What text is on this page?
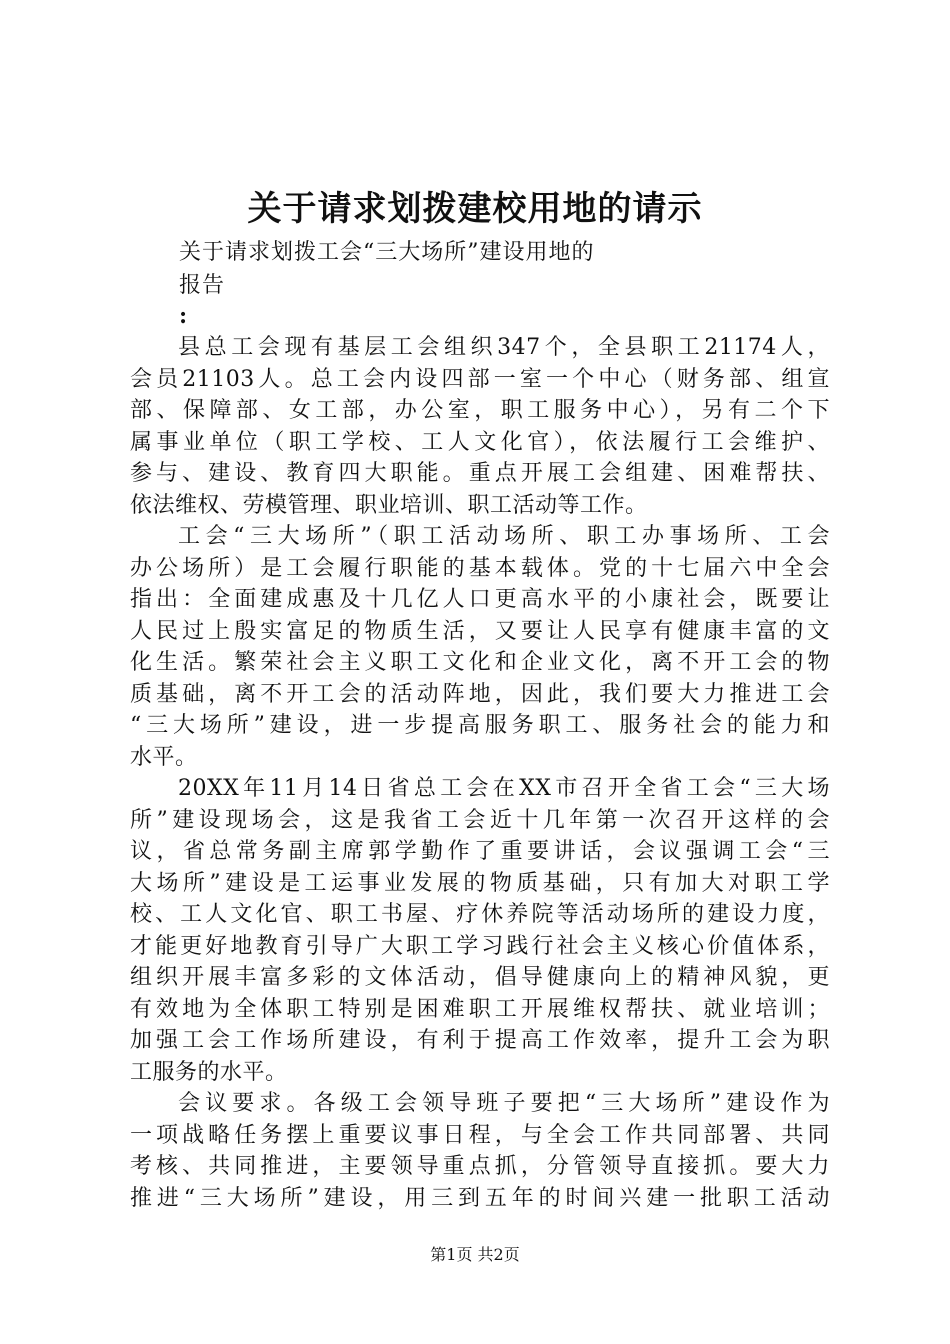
关于请求划拨建校用地的请示
关于请求划拨工会“三大场所”建设用地的
报告
:
县总工会现有基层工会组织347个，全县职工21174人，
会员21103人。总工会内设四部一室一个中心（财务部、组宣
部、保障部、女工部，办公室，职工服务中心），另有二个下
属事业单位（职工学校、工人文化官），依法履行工会维护、
参与、建设、教育四大职能。重点开展工会组建、困难帮扶、
依法维权、劳模管理、职业培训、职工活动等工作。
工会“三大场所”（职工活动场所、职工办事场所、工会
办公场所）是工会履行职能的基本载体。党的十七届六中全会
指出：全面建成惠及十几亿人口更高水平的小康社会，既要让
人民过上殷实富足的物质生活，又要让人民享有健康丰富的文
化生活。繁荣社会主义职工文化和企业文化，离不开工会的物
质基础，离不开工会的活动阵地，因此，我们要大力推进工会
“三大场所”建设，进一步提高服务职工、服务社会的能力和
水平。
20XX年11月14日省总工会在XX市召开全省工会“三大场
所”建设现场会，这是我省工会近十几年第一次召开这样的会
议，省总常务副主席郭学勤作了重要讲话，会议强调工会“三
大场所”建设是工运事业发展的物质基础，只有加大对职工学
校、工人文化官、职工书屋、疗休养院等活动场所的建设力度，
才能更好地教育引导广大职工学习践行社会主义核心价值体系，
组织开展丰富多彩的文体活动，倡导健康向上的精神风貌，更
有效地为全体职工特别是困难职工开展维权帮扶、就业培训；
加强工会工作场所建设，有利于提高工作效率，提升工会为职
工服务的水平。
会议要求。各级工会领导班子要把“三大场所”建设作为
一项战略任务摆上重要议事日程，与全会工作共同部署、共同
考核、共同推进，主要领导重点抓，分管领导直接抓。要大力
推进“三大场所”建设，用三到五年的时间兴建一批职工活动
第1页 共2页
